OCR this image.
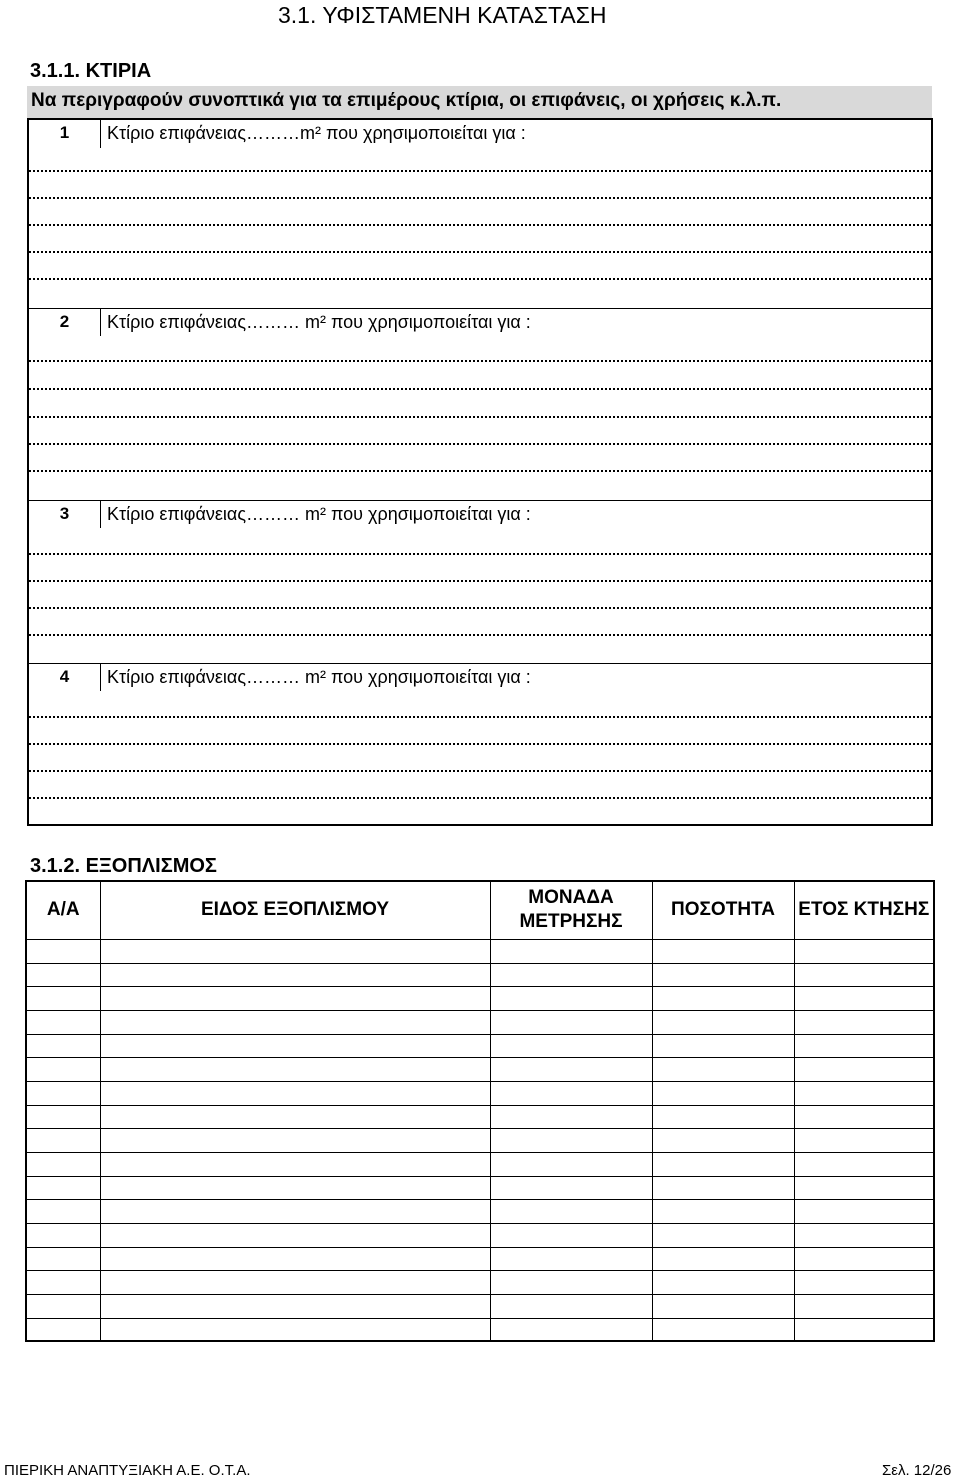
3.1. ΥΦΙΣΤΑΜΕΝΗ ΚΑΤΑΣΤΑΣΗ
3.1.1. ΚΤΙΡΙΑ
Να περιγραφούν συνοπτικά για τα επιμέρους κτίρια, οι επιφάνεις, οι χρήσεις κ.λ.π.
1	Κτίριο επιφάνειας………m² που χρησιμοποιείται για :
2	Κτίριο επιφάνειας……… m² που χρησιμοποιείται για :
3	Κτίριο επιφάνειας……… m² που χρησιμοποιείται για :
4	Κτίριο επιφάνειας……… m² που χρησιμοποιείται για :
3.1.2. ΕΞΟΠΛΙΣΜΟΣ
Α/Α	ΕΙΔΟΣ ΕΞΟΠΛΙΣΜΟΥ	ΜΟΝΑΔΑ ΜΕΤΡΗΣΗΣ	ΠΟΣΟΤΗΤΑ	ΕΤΟΣ ΚΤΗΣΗΣ

ΠΙΕΡΙΚΗ ΑΝΑΠΤΥΞΙΑΚΗ Α.Ε. Ο.Τ.Α.	Σελ. 12/26
